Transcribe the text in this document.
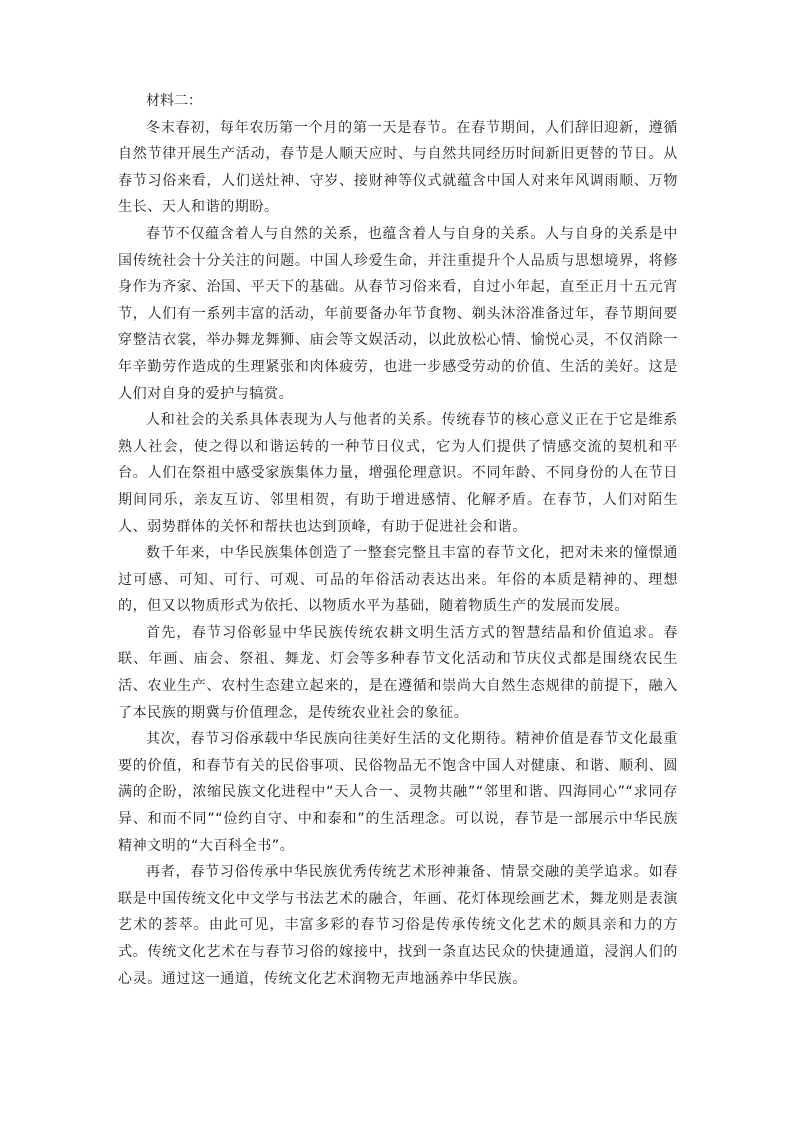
材料二：

冬末春初，每年农历第一个月的第一天是春节。在春节期间，人们辞旧迎新，遵循自然节律开展生产活动，春节是人顺天应时、与自然共同经历时间新旧更替的节日。从春节习俗来看，人们送灶神、守岁、接财神等仪式就蕴含中国人对来年风调雨顺、万物生长、天人和谐的期盼。

春节不仅蕴含着人与自然的关系，也蕴含着人与自身的关系。人与自身的关系是中国传统社会十分关注的问题。中国人珍爱生命，并注重提升个人品质与思想境界，将修身作为齐家、治国、平天下的基础。从春节习俗来看，自过小年起，直至正月十五元宵节，人们有一系列丰富的活动，年前要备办年节食物、剃头沐浴准备过年，春节期间要穿整洁衣裳，举办舞龙舞狮、庙会等文娱活动，以此放松心情、愉悦心灵，不仅消除一年辛勤劳作造成的生理紧张和肉体疲劳，也进一步感受劳动的价值、生活的美好。这是人们对自身的爱护与犒赏。

人和社会的关系具体表现为人与他者的关系。传统春节的核心意义正在于它是维系熟人社会，使之得以和谐运转的一种节日仪式，它为人们提供了情感交流的契机和平台。人们在祭祖中感受家族集体力量，增强伦理意识。不同年龄、不同身份的人在节日期间同乐，亲友互访、邻里相贺，有助于增进感情、化解矛盾。在春节，人们对陌生人、弱势群体的关怀和帮扶也达到顶峰，有助于促进社会和谐。

数千年来，中华民族集体创造了一整套完整且丰富的春节文化，把对未来的憧憬通过可感、可知、可行、可观、可品的年俗活动表达出来。年俗的本质是精神的、理想的，但又以物质形式为依托、以物质水平为基础，随着物质生产的发展而发展。

首先，春节习俗彰显中华民族传统农耕文明生活方式的智慧结晶和价值追求。春联、年画、庙会、祭祖、舞龙、灯会等多种春节文化活动和节庆仪式都是围绕农民生活、农业生产、农村生态建立起来的，是在遵循和崇尚大自然生态规律的前提下，融入了本民族的期冀与价值理念，是传统农业社会的象征。

其次，春节习俗承载中华民族向往美好生活的文化期待。精神价值是春节文化最重要的价值，和春节有关的民俗事项、民俗物品无不饱含中国人对健康、和谐、顺利、圆满的企盼，浓缩民族文化进程中“天人合一、灵物共融”“邻里和谐、四海同心”“求同存异、和而不同”“俭约自守、中和泰和”的生活理念。可以说，春节是一部展示中华民族精神文明的“大百科全书”。

再者，春节习俗传承中华民族优秀传统艺术形神兼备、情景交融的美学追求。如春联是中国传统文化中文学与书法艺术的融合，年画、花灯体现绘画艺术，舞龙则是表演艺术的荟萃。由此可见，丰富多彩的春节习俗是传承传统文化艺术的颇具亲和力的方式。传统文化艺术在与春节习俗的嫁接中，找到一条直达民众的快捷通道，浸润人们的心灵。通过这一通道，传统文化艺术润物无声地涵养中华民族。
